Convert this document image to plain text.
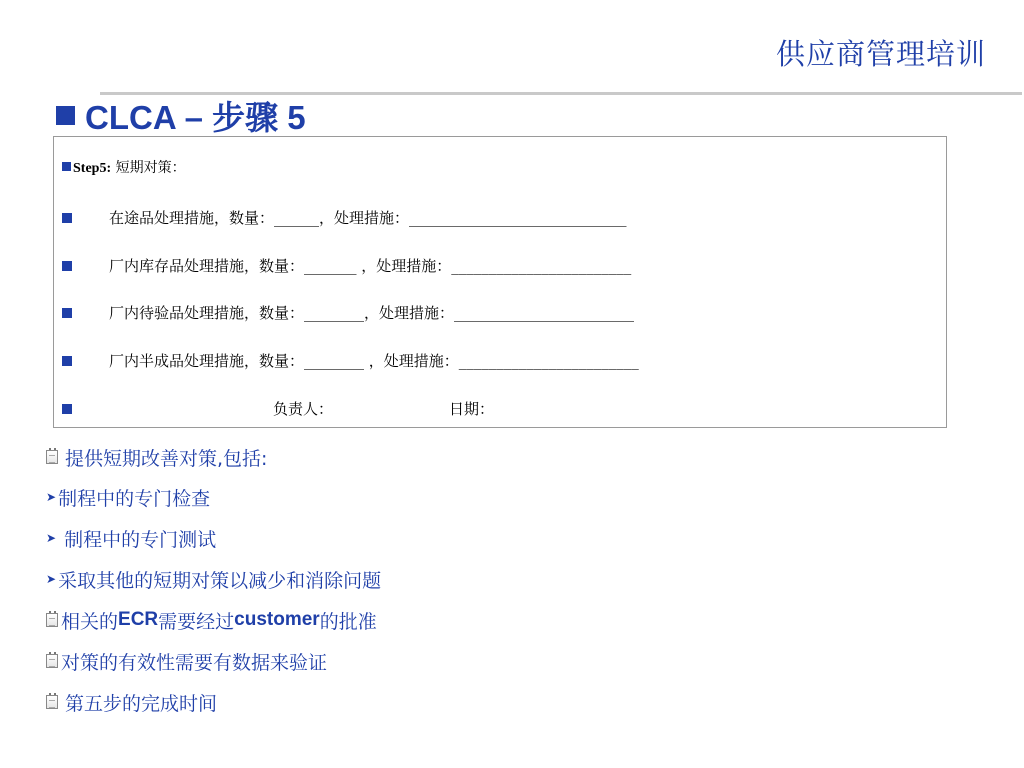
供应商管理培训
CLCA – 步骤 5
Step5: 短期对策：
在途品处理措施，数量：______，处理措施：_____________________________
厂内库存品处理措施，数量：_______ ，处理措施：________________________
厂内待验品处理措施，数量：________，处理措施：________________________
厂内半成品处理措施，数量：________ ，处理措施：________________________
负责人：	日期：
提供短期改善对策,包括:
➤ 制程中的专门检查
➤ 制程中的专门测试
➤ 采取其他的短期对策以减少和消除问题
相关的 ECR 需要经过 customer 的批准
对策的有效性需要有数据来验证
第五步的完成时间
